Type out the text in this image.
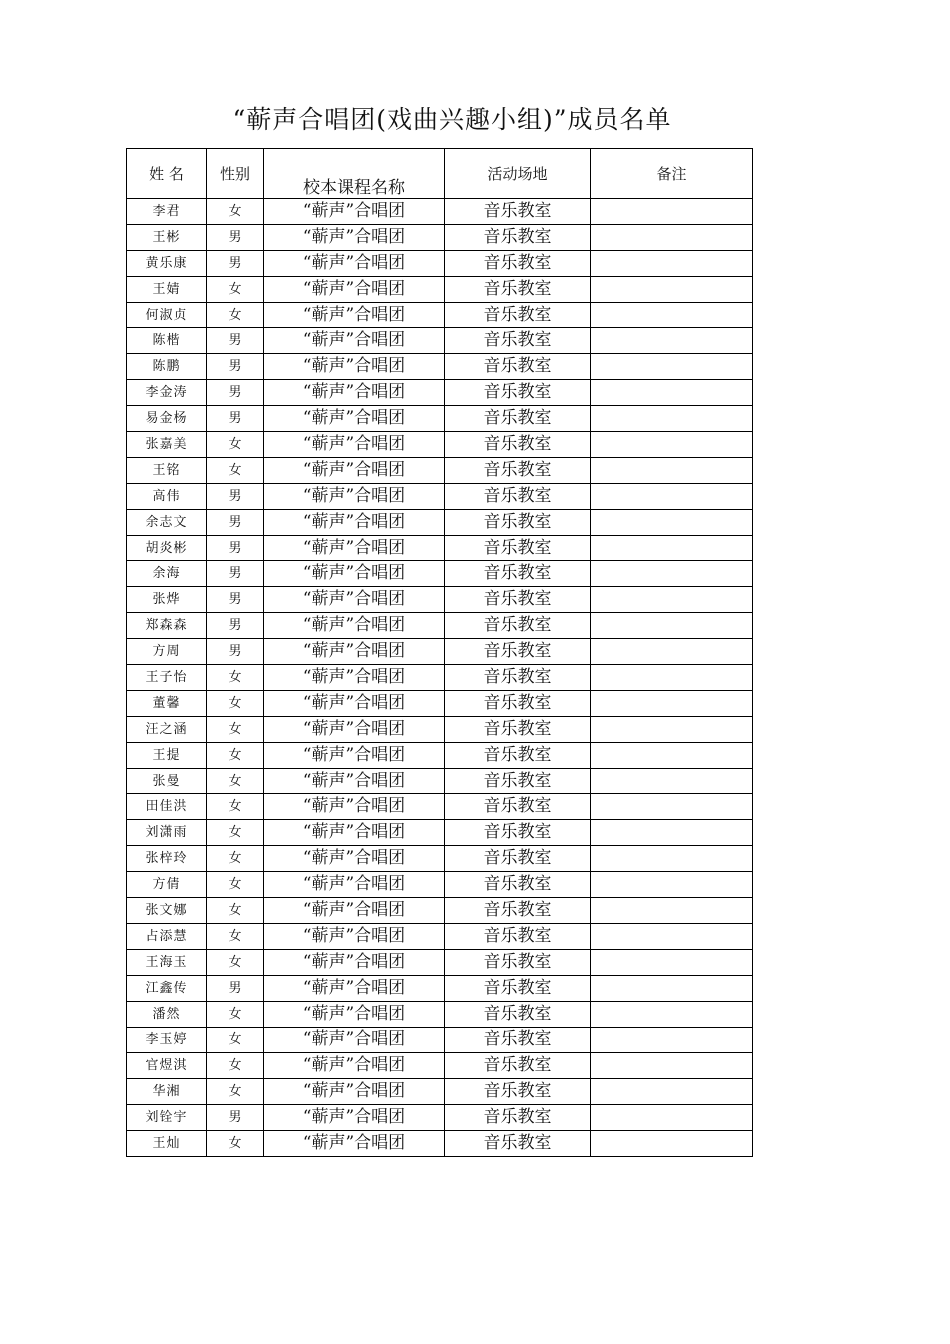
“蕲声合唱团(戏曲兴趣小组)”成员名单
姓 名	性别	校本课程名称	活动场地	备注
李君	女	“蕲声”合唱团	音乐教室	
王彬	男	“蕲声”合唱团	音乐教室	
黄乐康	男	“蕲声”合唱团	音乐教室	
王婧	女	“蕲声”合唱团	音乐教室	
何淑贞	女	“蕲声”合唱团	音乐教室	
陈楷	男	“蕲声”合唱团	音乐教室	
陈鹏	男	“蕲声”合唱团	音乐教室	
李金涛	男	“蕲声”合唱团	音乐教室	
易金杨	男	“蕲声”合唱团	音乐教室	
张嘉美	女	“蕲声”合唱团	音乐教室	
王铭	女	“蕲声”合唱团	音乐教室	
高伟	男	“蕲声”合唱团	音乐教室	
余志文	男	“蕲声”合唱团	音乐教室	
胡炎彬	男	“蕲声”合唱团	音乐教室	
余海	男	“蕲声”合唱团	音乐教室	
张烨	男	“蕲声”合唱团	音乐教室	
郑森森	男	“蕲声”合唱团	音乐教室	
方周	男	“蕲声”合唱团	音乐教室	
王子怡	女	“蕲声”合唱团	音乐教室	
董馨	女	“蕲声”合唱团	音乐教室	
汪之涵	女	“蕲声”合唱团	音乐教室	
王提	女	“蕲声”合唱团	音乐教室	
张曼	女	“蕲声”合唱团	音乐教室	
田佳洪	女	“蕲声”合唱团	音乐教室	
刘潇雨	女	“蕲声”合唱团	音乐教室	
张梓玲	女	“蕲声”合唱团	音乐教室	
方倩	女	“蕲声”合唱团	音乐教室	
张文娜	女	“蕲声”合唱团	音乐教室	
占添慧	女	“蕲声”合唱团	音乐教室	
王海玉	女	“蕲声”合唱团	音乐教室	
江鑫传	男	“蕲声”合唱团	音乐教室	
潘然	女	“蕲声”合唱团	音乐教室	
李玉婷	女	“蕲声”合唱团	音乐教室	
官煜淇	女	“蕲声”合唱团	音乐教室	
华湘	女	“蕲声”合唱团	音乐教室	
刘铨宇	男	“蕲声”合唱团	音乐教室	
王灿	女	“蕲声”合唱团	音乐教室	
